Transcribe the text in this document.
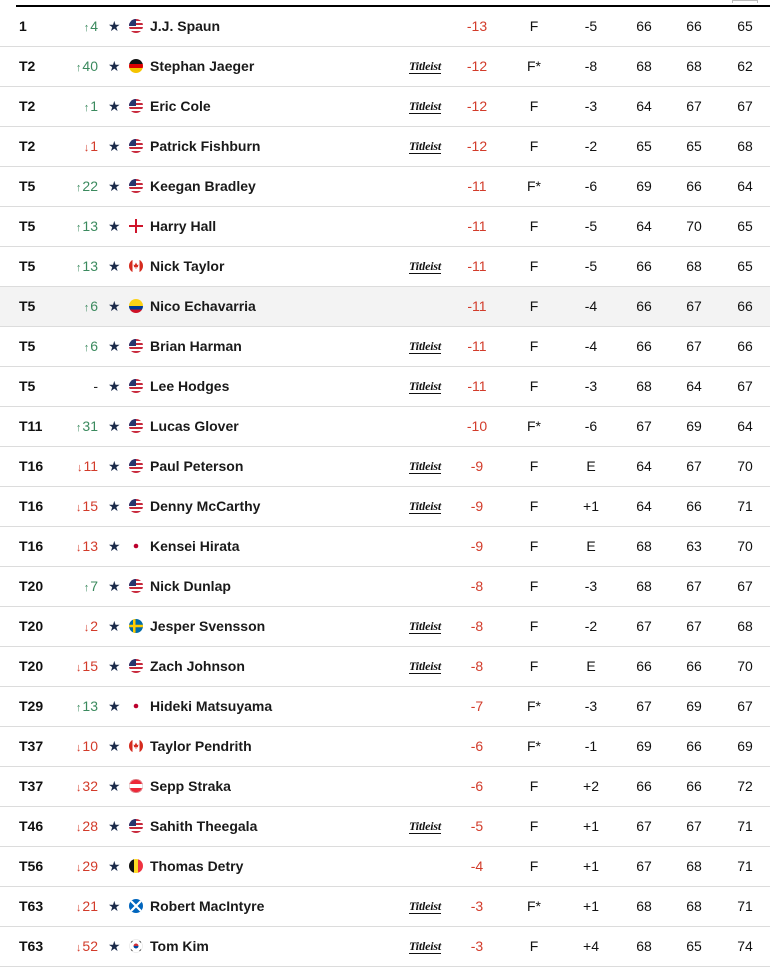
1	↑4 ★ J.J. Spaun	-13	F	-5	66	66	65
T2	↑40 ★ Stephan Jaeger	Titleist	-12	F*	-8	68	68	62
T2	↑1 ★ Eric Cole	Titleist	-12	F	-3	64	67	67
T2	↓1 ★ Patrick Fishburn	Titleist	-12	F	-2	65	65	68
T5	↑22 ★ Keegan Bradley	-11	F*	-6	69	66	64
T5	↑13 ★ Harry Hall	-11	F	-5	64	70	65
T5	↑13 ★ Nick Taylor	Titleist	-11	F	-5	66	68	65
T5	↑6 ★ Nico Echavarria	-11	F	-4	66	67	66
T5	↑6 ★ Brian Harman	Titleist	-11	F	-4	66	67	66
T5	- ★ Lee Hodges	Titleist	-11	F	-3	68	64	67
T11	↑31 ★ Lucas Glover	-10	F*	-6	67	69	64
T16	↓11 ★ Paul Peterson	Titleist	-9	F	E	64	67	70
T16	↓15 ★ Denny McCarthy	Titleist	-9	F	+1	64	66	71
T16	↓13 ★ Kensei Hirata	-9	F	E	68	63	70
T20	↑7 ★ Nick Dunlap	-8	F	-3	68	67	67
T20	↓2 ★ Jesper Svensson	Titleist	-8	F	-2	67	67	68
T20	↓15 ★ Zach Johnson	Titleist	-8	F	E	66	66	70
T29	↑13 ★ Hideki Matsuyama	-7	F*	-3	67	69	67
T37	↓10 ★ Taylor Pendrith	-6	F*	-1	69	66	69
T37	↓32 ★ Sepp Straka	-6	F	+2	66	66	72
T46	↓28 ★ Sahith Theegala	Titleist	-5	F	+1	67	67	71
T56	↓29 ★ Thomas Detry	-4	F	+1	67	68	71
T63	↓21 ★ Robert MacIntyre	Titleist	-3	F*	+1	68	68	71
T63	↓52 ★ Tom Kim	Titleist	-3	F	+4	68	65	74
